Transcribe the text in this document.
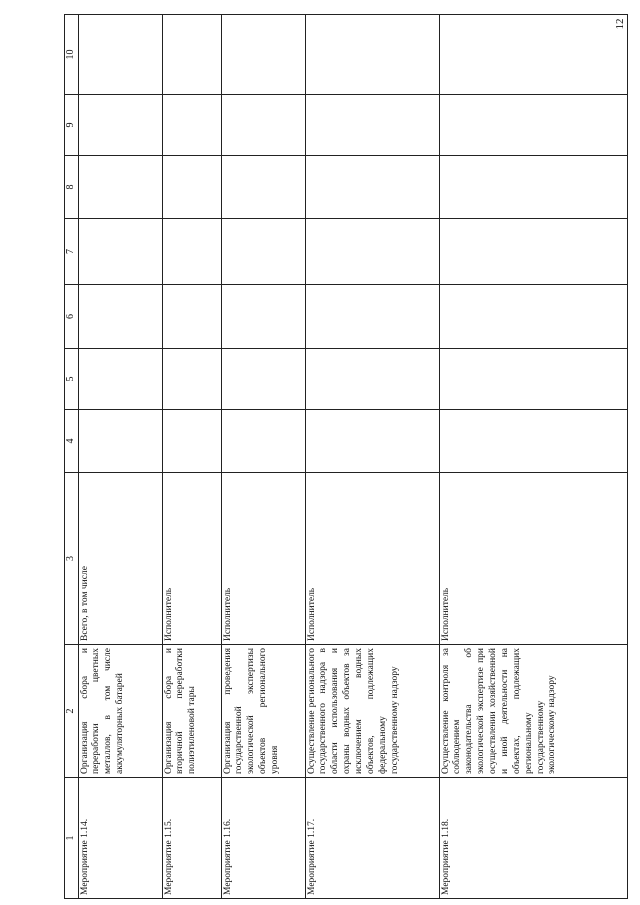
12
1	2	3	4	5	6	7	8	9	10
Мероприятие 1.14.	Организация сбора и переработки цветных металлов, в том числе аккумуляторных батарей	Всего, в том числе							
Мероприятие 1.15.	Организация сбора и вторичной переработки полиэтиленовой тары	Исполнитель							
Мероприятие 1.16.	Организация проведения государственной экологической экспертизы объектов регионального уровня	Исполнитель							
Мероприятие 1.17.	Осуществление регионального государственного надзора в области использования и охраны водных объектов за исключением водных объектов, подлежащих федеральному государственному надзору	Исполнитель							
Мероприятие 1.18.	Осуществление контроля за соблюдением законодательства об экологической экспертизе при осуществлении хозяйственной и иной деятельности на объектах, подлежащих региональному государственному экологическому надзору	Исполнитель							
